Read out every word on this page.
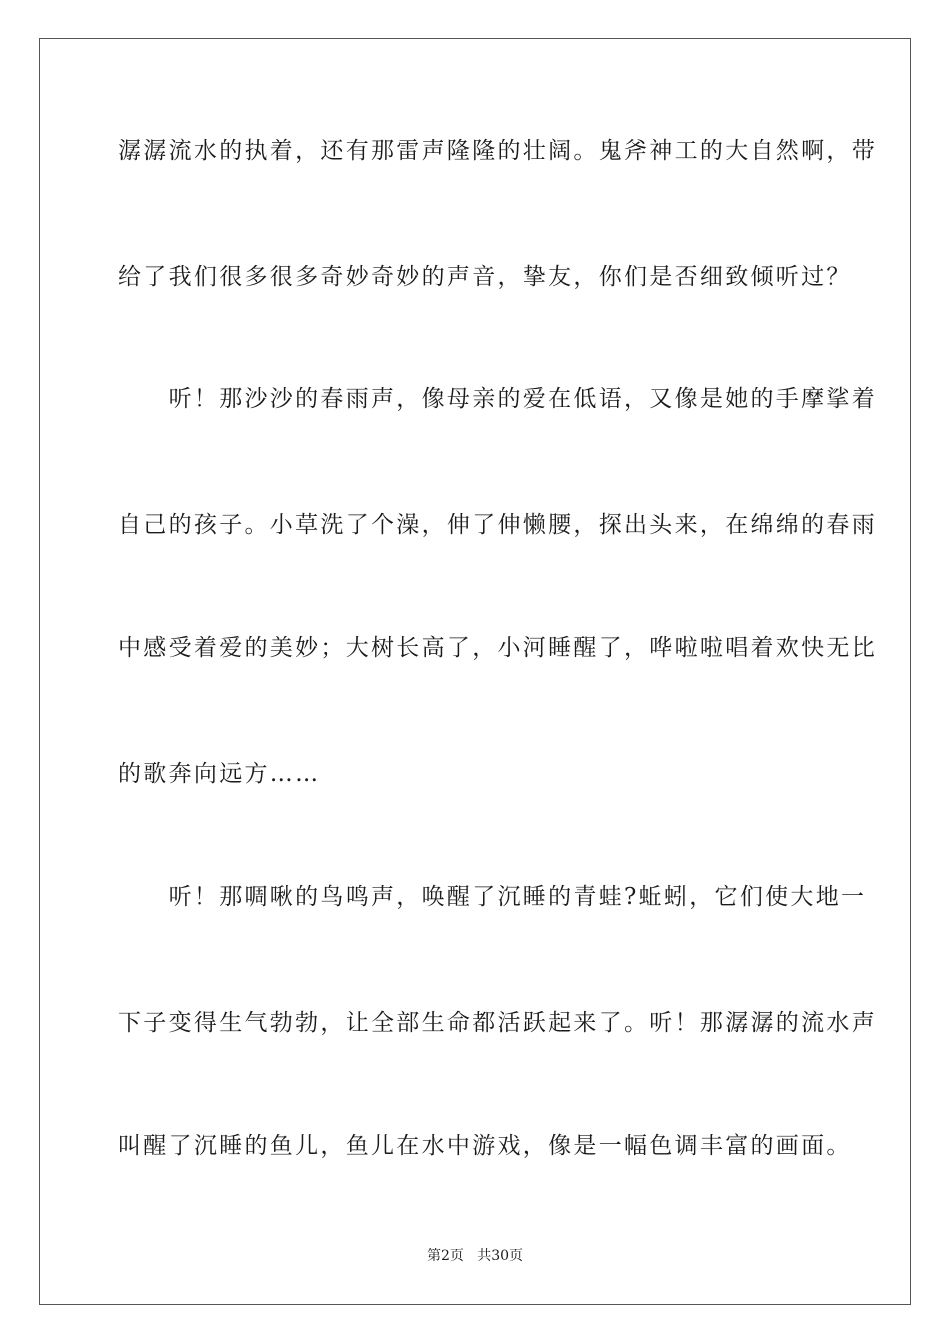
潺潺流水的执着，还有那雷声隆隆的壮阔。鬼斧神工的大自然啊，带
给了我们很多很多奇妙奇妙的声音，挚友，你们是否细致倾听过？
　　听！那沙沙的春雨声，像母亲的爱在低语，又像是她的手摩挲着
自己的孩子。小草洗了个澡，伸了伸懒腰，探出头来，在绵绵的春雨
中感受着爱的美妙；大树长高了，小河睡醒了，哗啦啦唱着欢快无比
的歌奔向远方……
　　听！那啁啾的鸟鸣声，唤醒了沉睡的青蛙?蚯蚓，它们使大地一
下子变得生气勃勃，让全部生命都活跃起来了。听！那潺潺的流水声
叫醒了沉睡的鱼儿，鱼儿在水中游戏，像是一幅色调丰富的画面。
第2页   共30页
